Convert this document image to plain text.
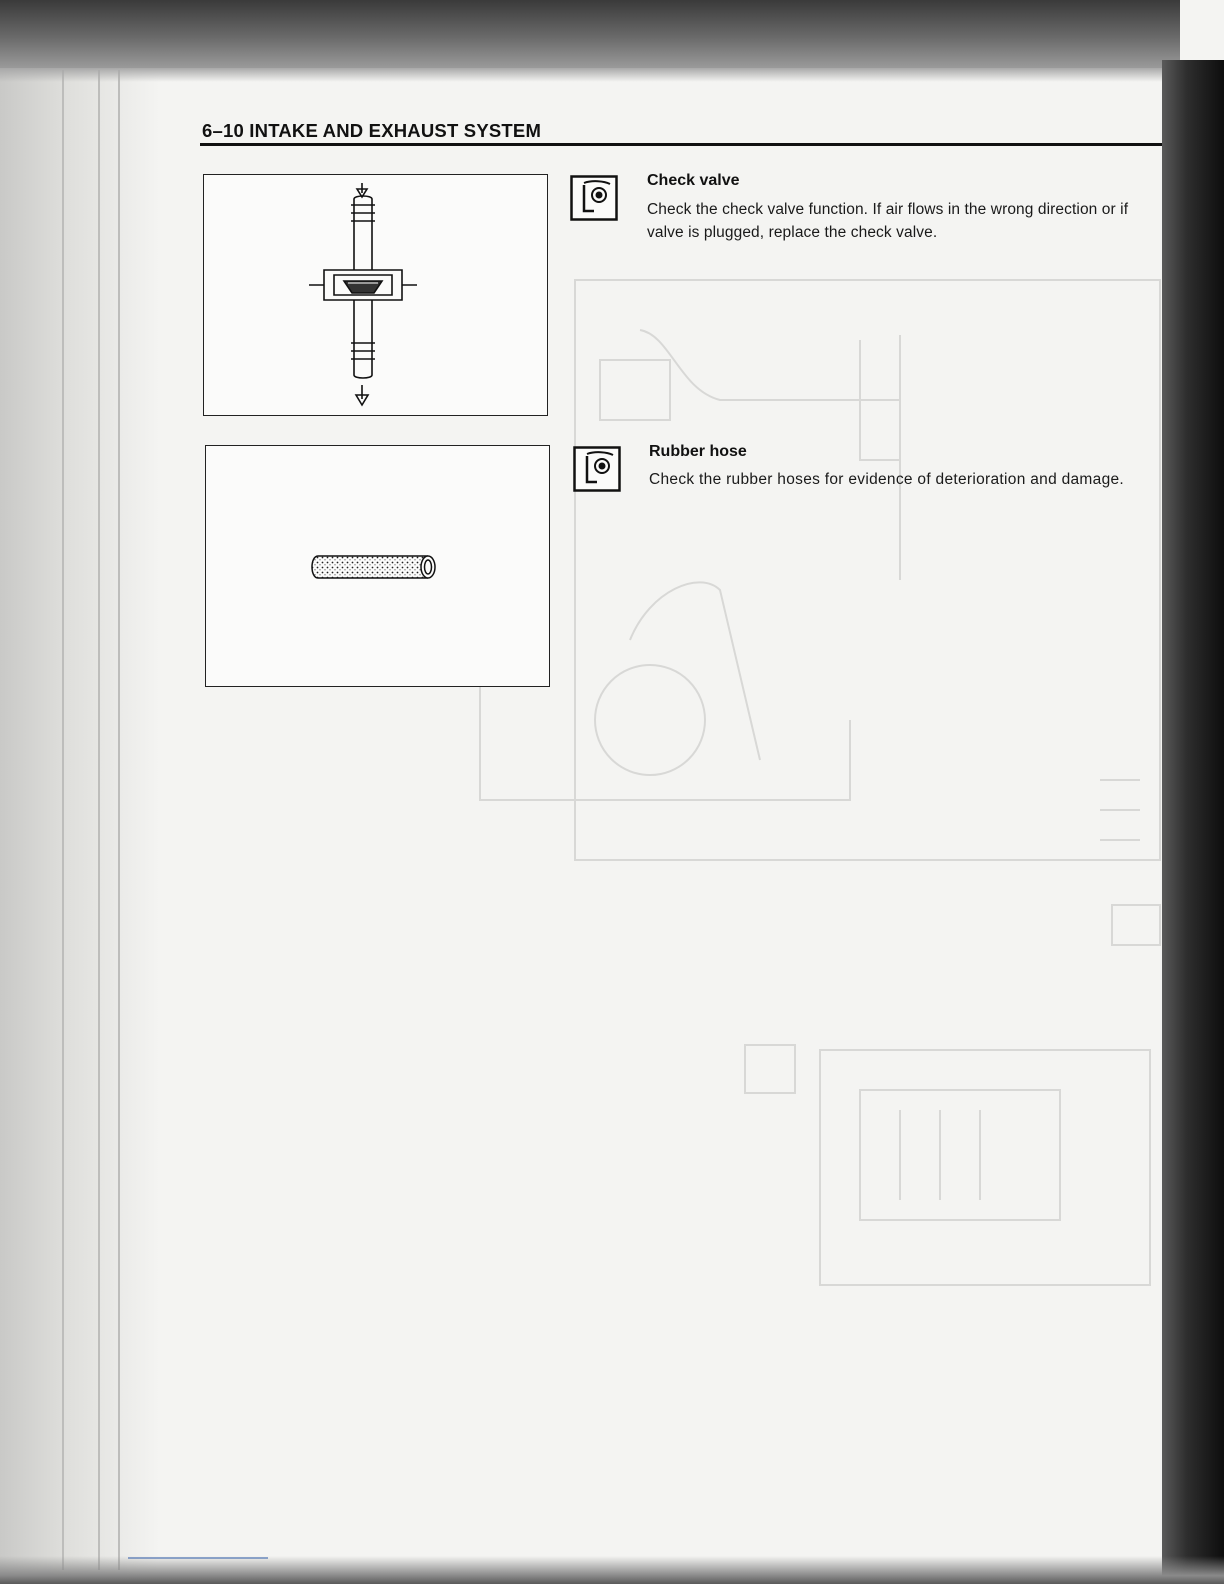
6–10 INTAKE AND EXHAUST SYSTEM
Check valve
Check the check valve function. If air flows in the wrong direction or if valve is plugged, replace the check valve.
Rubber hose
Check the rubber hoses for evidence of deterioration and damage.
